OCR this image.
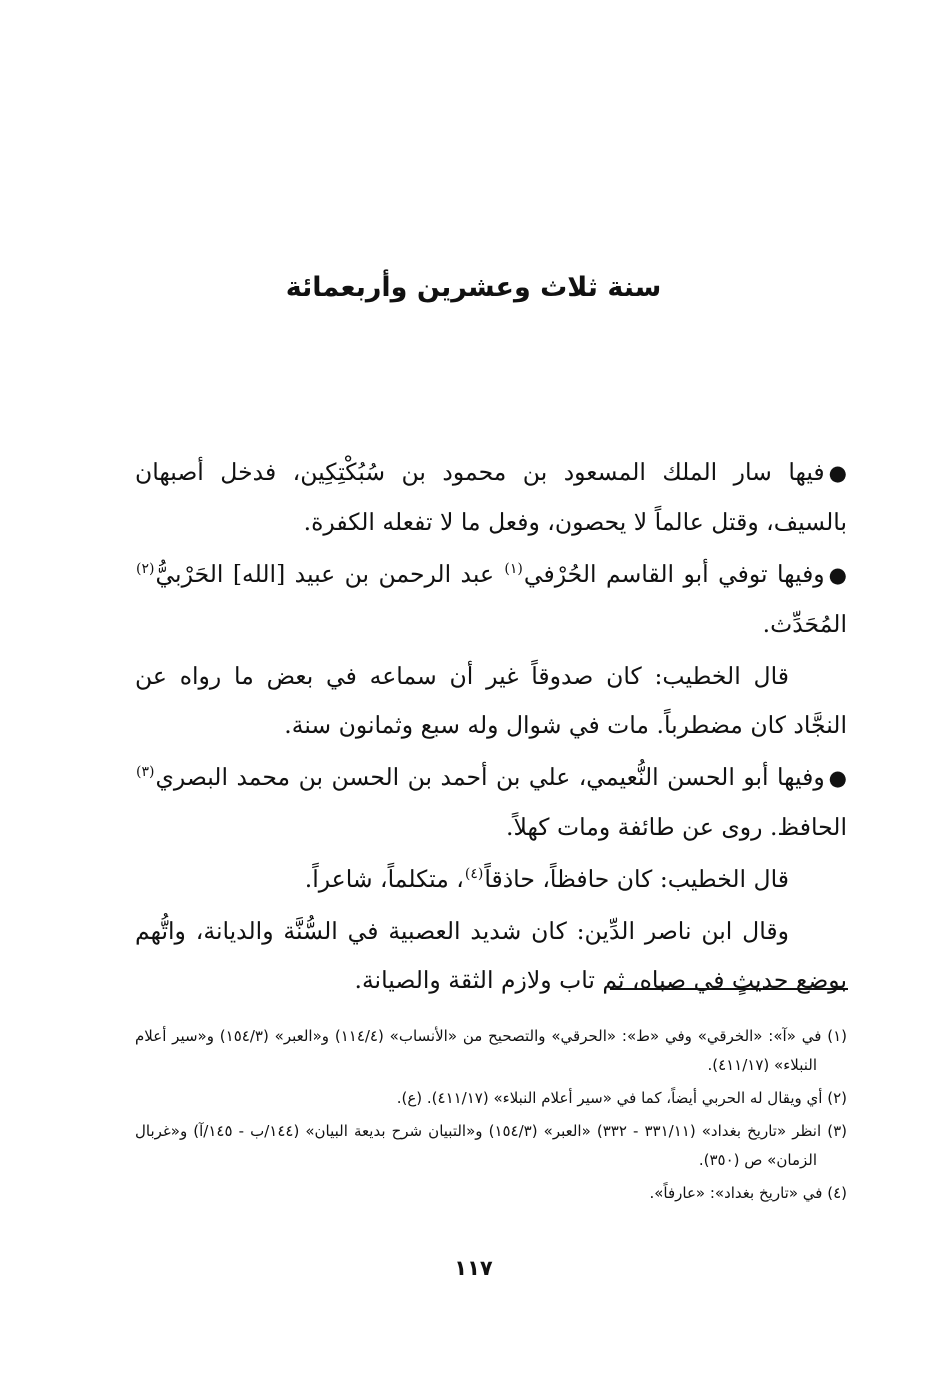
سنة ثلاث وعشرين وأربعمائة

●فيها سار الملك المسعود بن محمود بن سُبُكْتِكِين، فدخل أصبهان بالسيف، وقتل عالماً لا يحصون، وفعل ما لا تفعله الكفرة.

●وفيها توفي أبو القاسم الحُرْفي$^{(١)}$ عبد الرحمن بن عبيد [الله] الحَرْبيُّ$^{(٢)}$ المُحَدِّث.

قال الخطيب: كان صدوقاً غير أن سماعه في بعض ما رواه عن النجَّاد كان مضطرباً. مات في شوال وله سبع وثمانون سنة.

●وفيها أبو الحسن النُّعيمي، علي بن أحمد بن الحسن بن محمد البصري$^{(٣)}$ الحافظ. روى عن طائفة ومات كهلاً.

قال الخطيب: كان حافظاً، حاذقاً$^{(٤)}$، متكلماً، شاعراً.

وقال ابن ناصر الدِّين: كان شديد العصبية في السُّنَّة والديانة، واتُّهم بوضع حديثٍ في صباه، ثم تاب ولازم الثقة والصيانة.

(١) في «آ»: «الخرقي» وفي «ط»: «الحرقي» والتصحيح من «الأنساب» (١١٤/٤) و«العبر» (١٥٤/٣) و«سير أعلام النبلاء» (٤١١/١٧).
(٢) أي ويقال له الحربي أيضاً، كما في «سير أعلام النبلاء» (٤١١/١٧). (ع).
(٣) انظر «تاريخ بغداد» (٣٣١/١١ - ٣٣٢) «العبر» (١٥٤/٣) و«التبيان شرح بديعة البيان» (١٤٤/ب - ١٤٥/آ) و«غربال الزمان» ص (٣٥٠).
(٤) في «تاريخ بغداد»: «عارفاً».
١١٧
